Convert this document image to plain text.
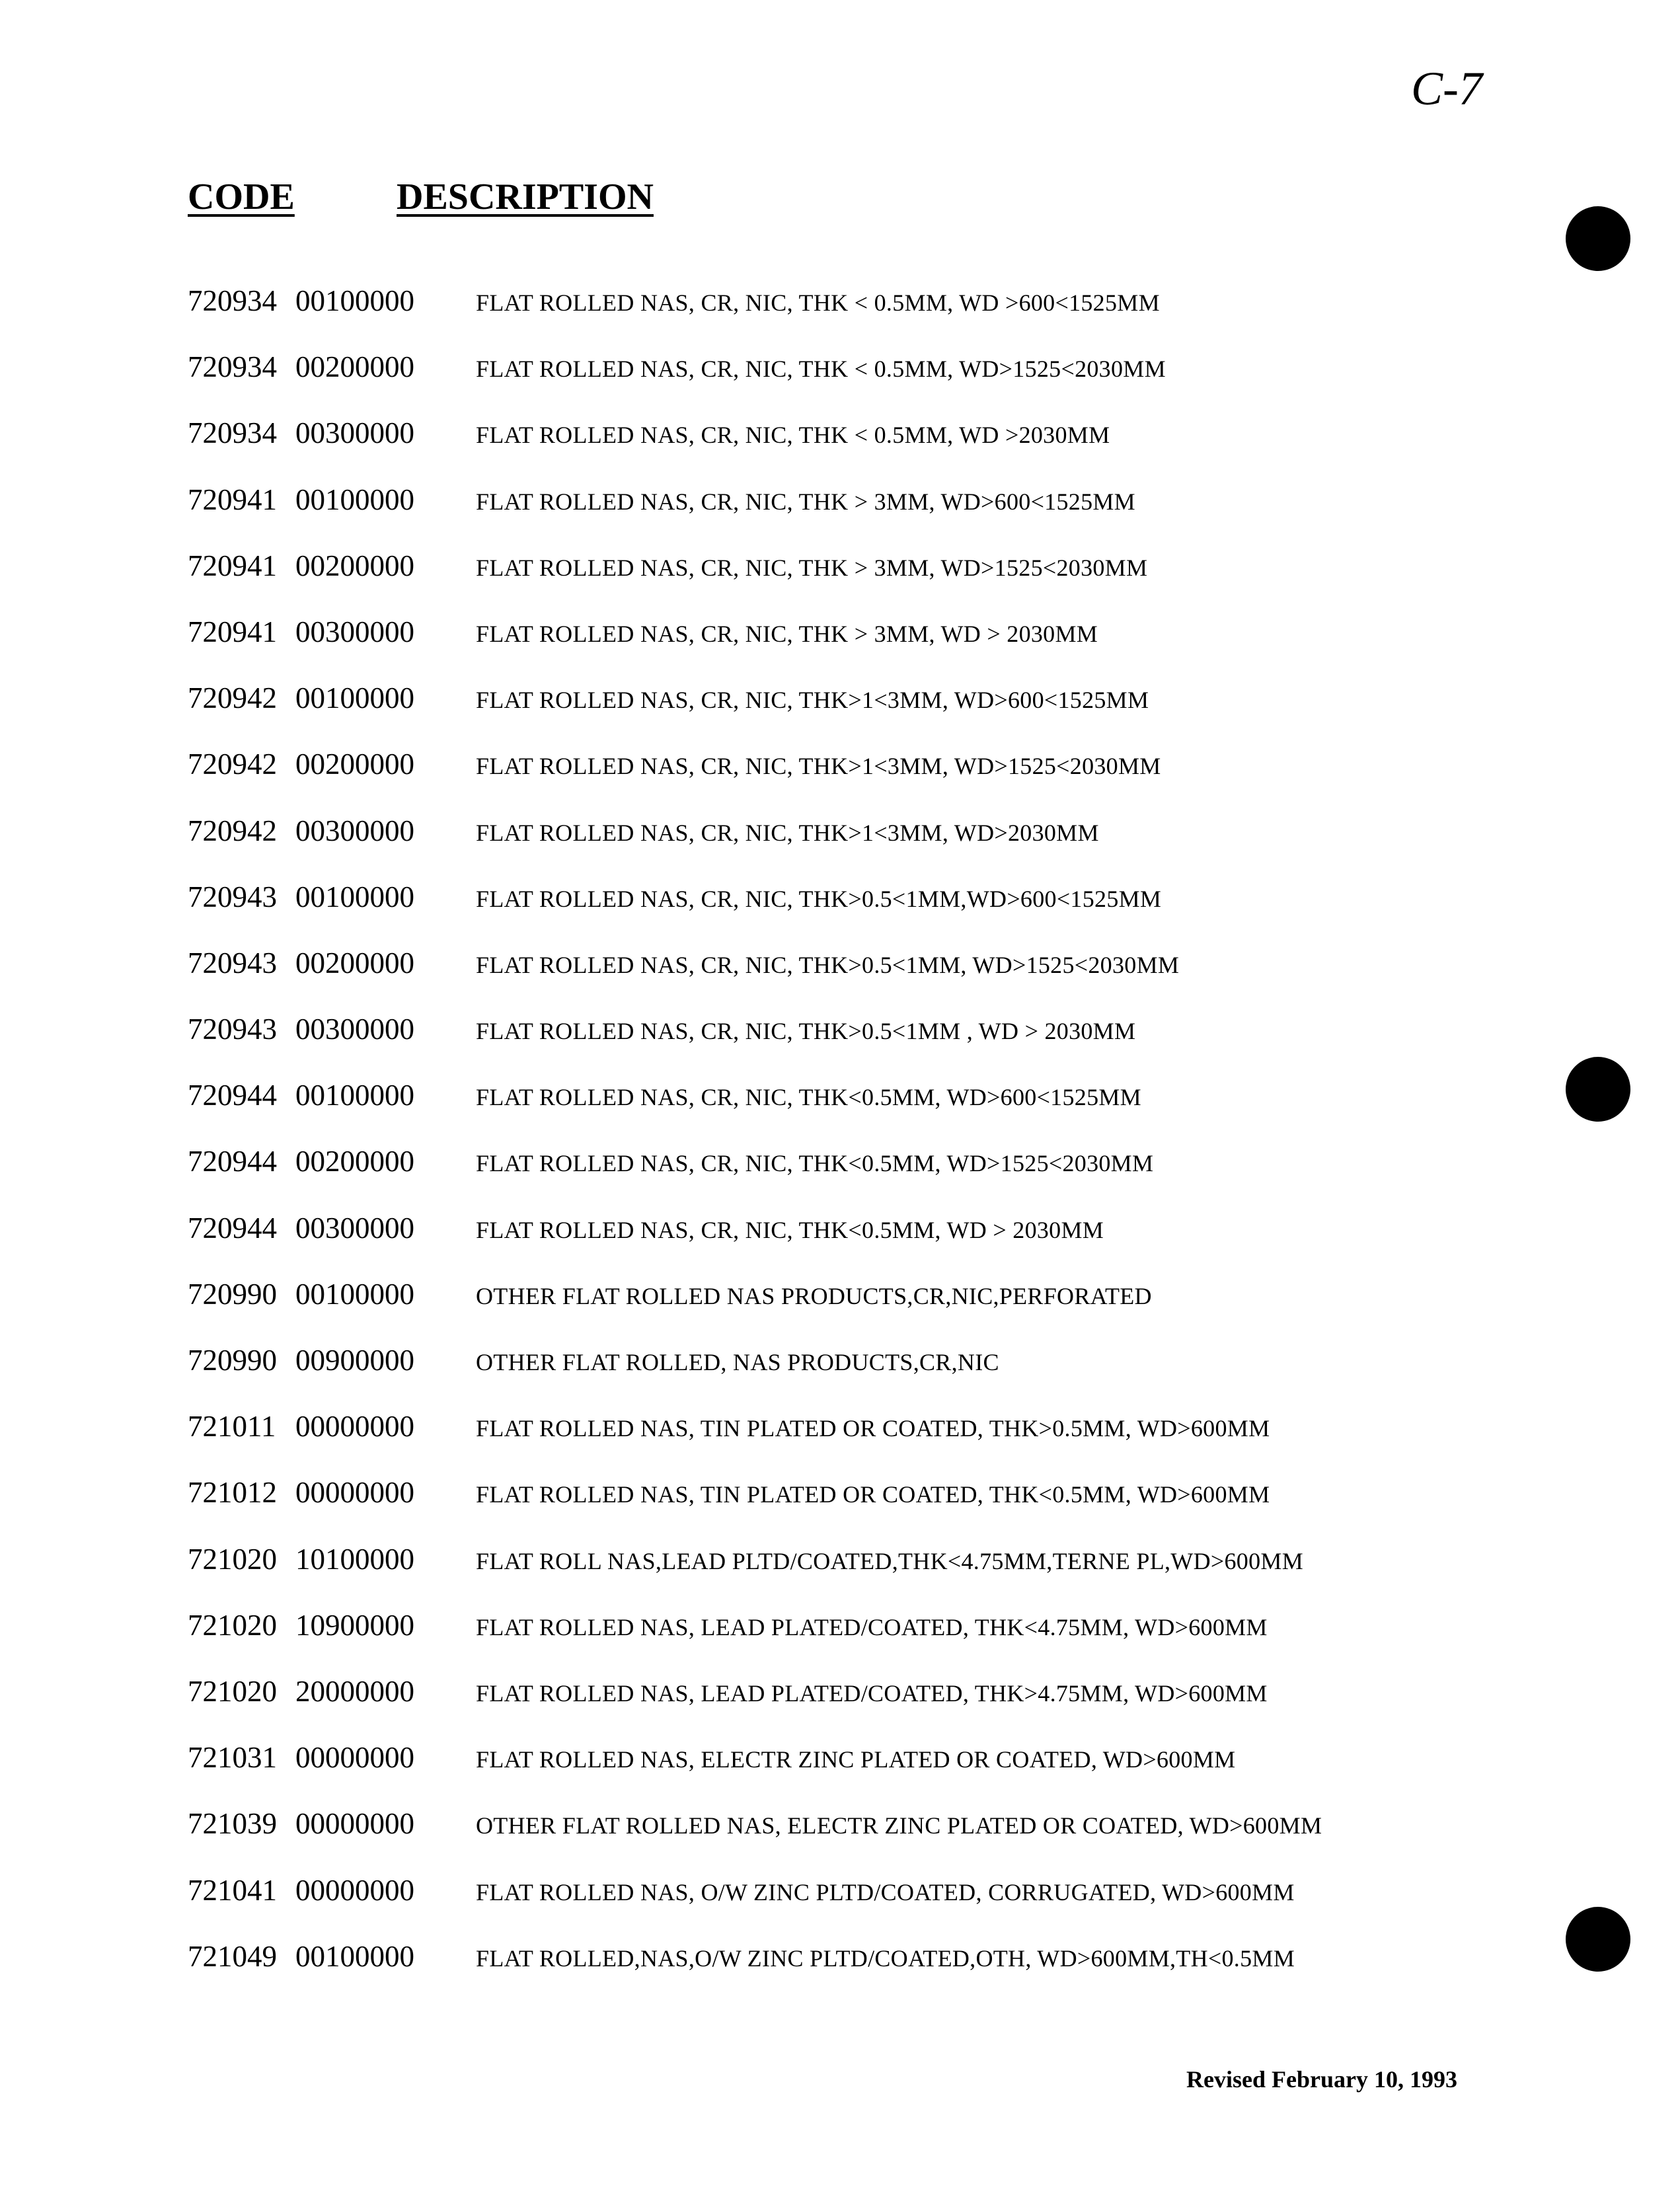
C-7
CODE	DESCRIPTION
720934 00100000	FLAT ROLLED NAS, CR, NIC, THK < 0.5MM, WD >600<1525MM
720934 00200000	FLAT ROLLED NAS, CR, NIC, THK < 0.5MM, WD>1525<2030MM
720934 00300000	FLAT ROLLED NAS, CR, NIC, THK < 0.5MM, WD >2030MM
720941 00100000	FLAT ROLLED NAS, CR, NIC, THK > 3MM, WD>600<1525MM
720941 00200000	FLAT ROLLED NAS, CR, NIC, THK > 3MM, WD>1525<2030MM
720941 00300000	FLAT ROLLED NAS, CR, NIC, THK > 3MM, WD > 2030MM
720942 00100000	FLAT ROLLED NAS, CR, NIC, THK>1<3MM, WD>600<1525MM
720942 00200000	FLAT ROLLED NAS, CR, NIC, THK>1<3MM, WD>1525<2030MM
720942 00300000	FLAT ROLLED NAS, CR, NIC, THK>1<3MM, WD>2030MM
720943 00100000	FLAT ROLLED NAS, CR, NIC, THK>0.5<1MM,WD>600<1525MM
720943 00200000	FLAT ROLLED NAS, CR, NIC, THK>0.5<1MM, WD>1525<2030MM
720943 00300000	FLAT ROLLED NAS, CR, NIC, THK>0.5<1MM , WD > 2030MM
720944 00100000	FLAT ROLLED NAS, CR, NIC, THK<0.5MM, WD>600<1525MM
720944 00200000	FLAT ROLLED NAS, CR, NIC, THK<0.5MM, WD>1525<2030MM
720944 00300000	FLAT ROLLED NAS, CR, NIC, THK<0.5MM, WD > 2030MM
720990 00100000	OTHER FLAT ROLLED NAS PRODUCTS,CR,NIC,PERFORATED
720990 00900000	OTHER FLAT ROLLED, NAS PRODUCTS,CR,NIC
721011 00000000	FLAT ROLLED NAS, TIN PLATED OR COATED, THK>0.5MM, WD>600MM
721012 00000000	FLAT ROLLED NAS, TIN PLATED OR COATED, THK<0.5MM, WD>600MM
721020 10100000	FLAT ROLL NAS,LEAD PLTD/COATED,THK<4.75MM,TERNE PL,WD>600MM
721020 10900000	FLAT ROLLED NAS, LEAD PLATED/COATED, THK<4.75MM, WD>600MM
721020 20000000	FLAT ROLLED NAS, LEAD PLATED/COATED, THK>4.75MM, WD>600MM
721031 00000000	FLAT ROLLED NAS, ELECTR ZINC PLATED OR COATED, WD>600MM
721039 00000000	OTHER FLAT ROLLED NAS, ELECTR ZINC PLATED OR COATED, WD>600MM
721041 00000000	FLAT ROLLED NAS, O/W ZINC PLTD/COATED, CORRUGATED, WD>600MM
721049 00100000	FLAT ROLLED,NAS,O/W ZINC PLTD/COATED,OTH, WD>600MM,TH<0.5MM
Revised February 10, 1993
